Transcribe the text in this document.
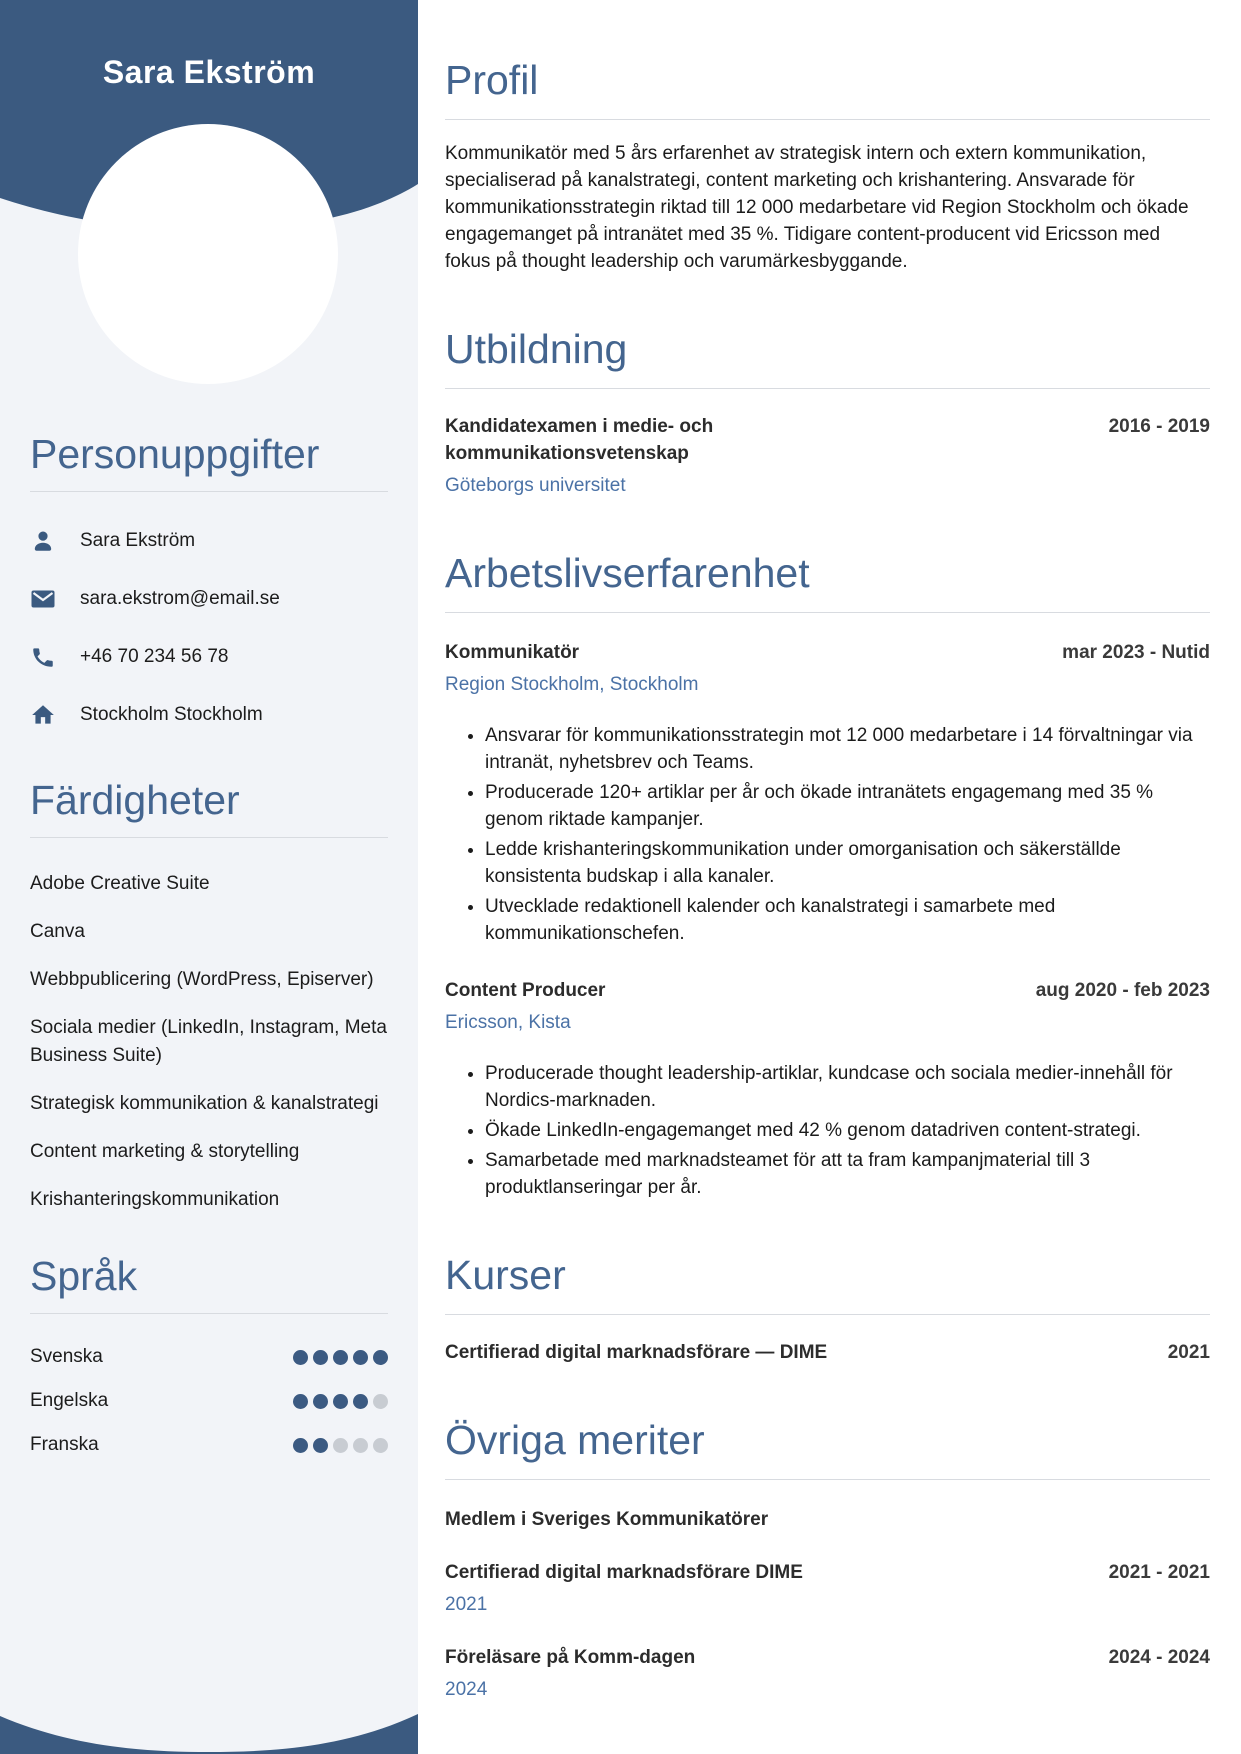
Sara Ekström
Personuppgifter
Sara Ekström
sara.ekstrom@email.se
+46 70 234 56 78
Stockholm Stockholm
Färdigheter
Adobe Creative Suite
Canva
Webbpublicering (WordPress, Episerver)
Sociala medier (LinkedIn, Instagram, Meta Business Suite)
Strategisk kommunikation & kanalstrategi
Content marketing & storytelling
Krishanteringskommunikation
Språk
Svenska
Engelska
Franska
Profil

Kommunikatör med 5 års erfarenhet av strategisk intern och extern kommunikation, specialiserad på kanalstrategi, content marketing och krishantering. Ansvarade för kommunikationsstrategin riktad till 12 000 medarbetare vid Region Stockholm och ökade engagemanget på intranätet med 35 %. Tidigare content-producent vid Ericsson med fokus på thought leadership och varumärkesbyggande.

Utbildning
Kandidatexamen i medie- och kommunikationsvetenskap
2016 - 2019
Göteborgs universitet
Arbetslivserfarenhet
Kommunikatör	mar 2023 - Nutid
Region Stockholm, Stockholm
• Ansvarar för kommunikationsstrategin mot 12 000 medarbetare i 14 förvaltningar via intranät, nyhetsbrev och Teams.
• Producerade 120+ artiklar per år och ökade intranätets engagemang med 35 % genom riktade kampanjer.
• Ledde krishanteringskommunikation under omorganisation och säkerställde konsistenta budskap i alla kanaler.
• Utvecklade redaktionell kalender och kanalstrategi i samarbete med kommunikationschefen.
Content Producer	aug 2020 - feb 2023
Ericsson, Kista
• Producerade thought leadership-artiklar, kundcase och sociala medier-innehåll för Nordics-marknaden.
• Ökade LinkedIn-engagemanget med 42 % genom datadriven content-strategi.
• Samarbetade med marknadsteamet för att ta fram kampanjmaterial till 3 produktlanseringar per år.
Kurser
Certifierad digital marknadsförare — DIME	2021
Övriga meriter
Medlem i Sveriges Kommunikatörer
Certifierad digital marknadsförare DIME	2021 - 2021
2021
Föreläsare på Komm-dagen	2024 - 2024
2024
